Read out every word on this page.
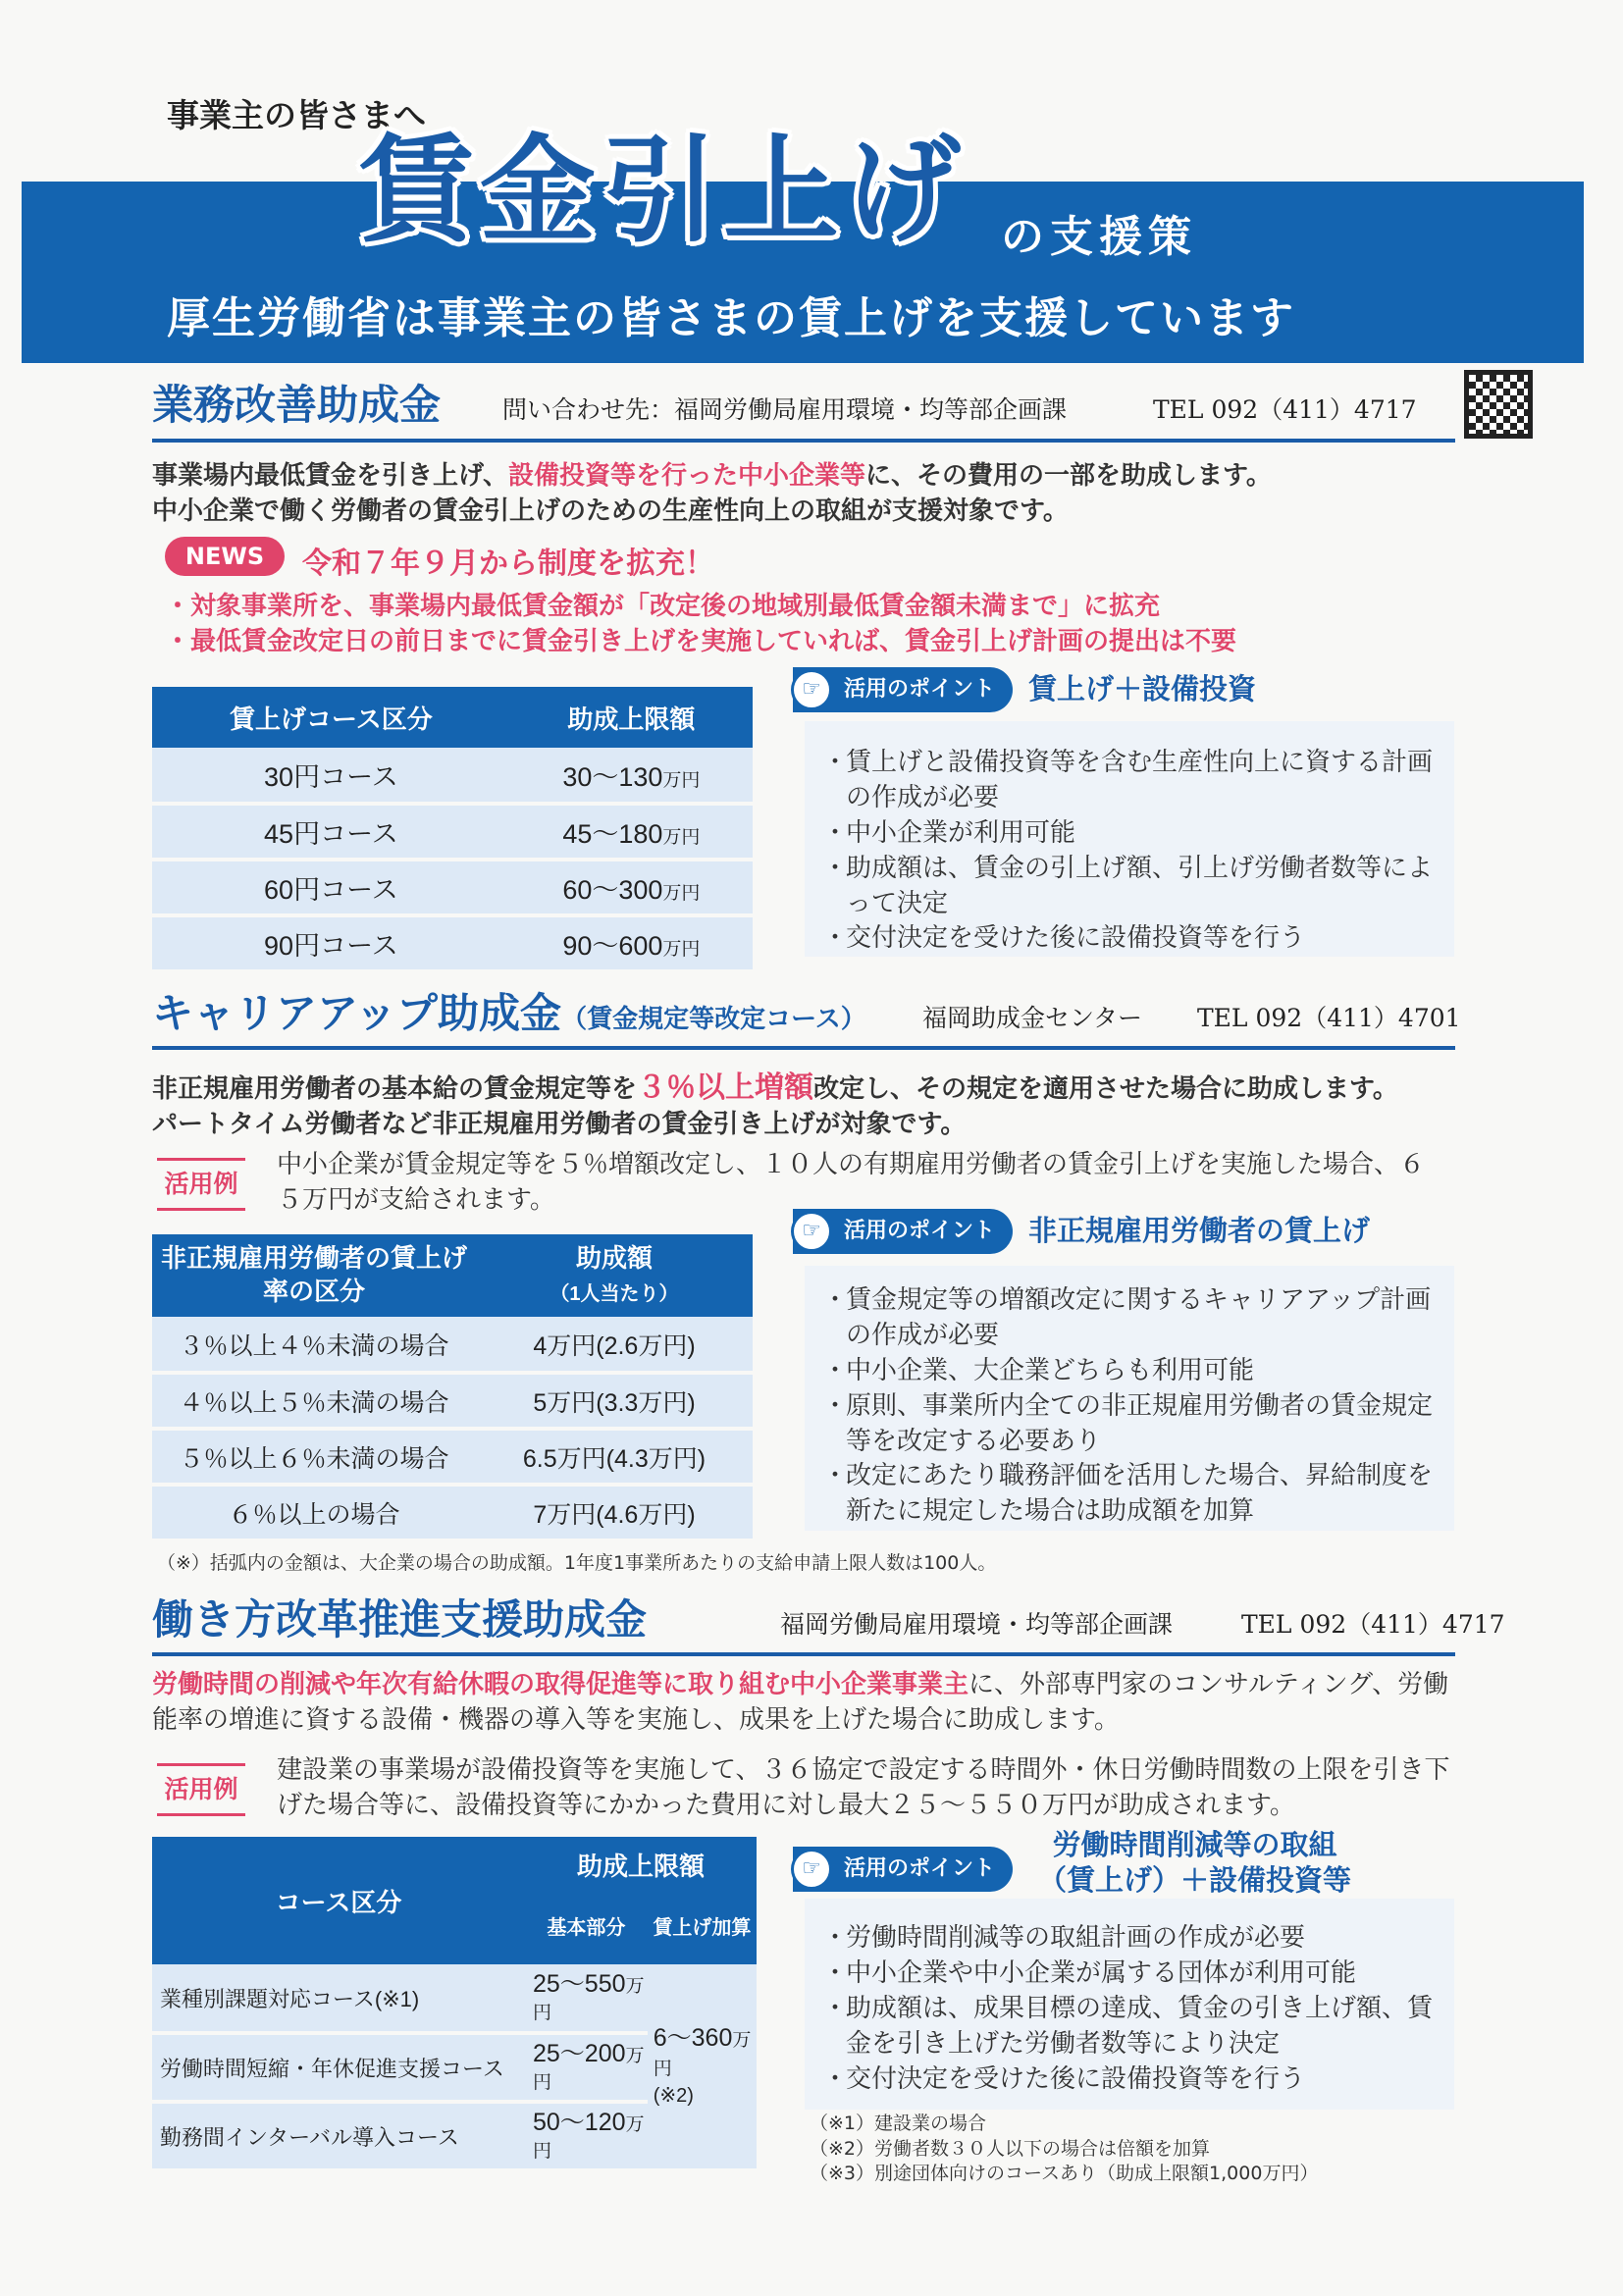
事業主の皆さまへ
賃金引上げ の支援策
厚生労働省は事業主の皆さまの賃上げを支援しています
業務改善助成金	問い合わせ先：福岡労働局雇用環境・均等部企画課	TEL 092（411）4717
事業場内最低賃金を引き上げ、設備投資等を行った中小企業等に、その費用の一部を助成します。
中小企業で働く労働者の賃金引上げのための生産性向上の取組が支援対象です。
NEWS	令和７年９月から制度を拡充！
・対象事業所を、事業場内最低賃金額が「改定後の地域別最低賃金額未満まで」に拡充
・最低賃金改定日の前日までに賃金引き上げを実施していれば、賃金引上げ計画の提出は不要
賃上げコース区分	助成上限額
30円コース	30～130万円
45円コース	45～180万円
60円コース	60～300万円
90円コース	90～600万円
活用のポイント
☞	賃上げ＋設備投資
・ 賃上げと設備投資等を含む生産性向上に資する計画の作成が必要
・ 中小企業が利用可能
・ 助成額は、賃金の引上げ額、引上げ労働者数等によって決定
・ 交付決定を受けた後に設備投資等を行う
キャリアアップ助成金（賃金規定等改定コース） 福岡助成金センター TEL 092（411）4701
非正規雇用労働者の基本給の賃金規定等を３％以上増額改定し、その規定を適用させた場合に助成します。
パートタイム労働者など非正規雇用労働者の賃金引き上げが対象です。
活用例
中小企業が賃金規定等を５％増額改定し、１０人の有期雇用労働者の賃金引上げを実施した場合、６５万円が支給されます。
非正規雇用労働者の賃上げ率の区分	助成額
（1人当たり）
３％以上４％未満の場合	4万円(2.6万円)
４％以上５％未満の場合	5万円(3.3万円)
５％以上６％未満の場合	6.5万円(4.3万円)
６％以上の場合	7万円(4.6万円)
（※）括弧内の金額は、大企業の場合の助成額。1年度1事業所あたりの支給申請上限人数は100人。
活用のポイント
☞	非正規雇用労働者の賃上げ
・ 賃金規定等の増額改定に関するキャリアアップ計画の作成が必要
・ 中小企業、大企業どちらも利用可能
・ 原則、事業所内全ての非正規雇用労働者の賃金規定等を改定する必要あり
・ 改定にあたり職務評価を活用した場合、昇給制度を新たに規定した場合は助成額を加算
働き方改革推進支援助成金	福岡労働局雇用環境・均等部企画課	TEL 092（411）4717
労働時間の削減や年次有給休暇の取得促進等に取り組む中小企業事業主に、外部専門家のコンサルティング、労働能率の増進に資する設備・機器の導入等を実施し、成果を上げた場合に助成します。
活用例
建設業の事業場が設備投資等を実施して、３６協定で設定する時間外・休日労働時間数の上限を引き下げた場合等に、設備投資等にかかった費用に対し最大２５～５５０万円が助成されます。
コース区分	助成上限額	
	基本部分	賃上げ加算
業種別課題対応コース(※1)	25～550万円	6～360万円
(※2)
労働時間短縮・年休促進支援コース	25～200万円	
勤務間インターバル導入コース	50～120万円	
活用のポイント
☞
労働時間削減等の取組
（賃上げ）＋設備投資等
・ 労働時間削減等の取組計画の作成が必要
・ 中小企業や中小企業が属する団体が利用可能
・ 助成額は、成果目標の達成、賃金の引き上げ額、賃金を引き上げた労働者数等により決定
・ 交付決定を受けた後に設備投資等を行う
（※1）建設業の場合
（※2）労働者数３０人以下の場合は倍額を加算
（※3）別途団体向けのコースあり（助成上限額1,000万円）
